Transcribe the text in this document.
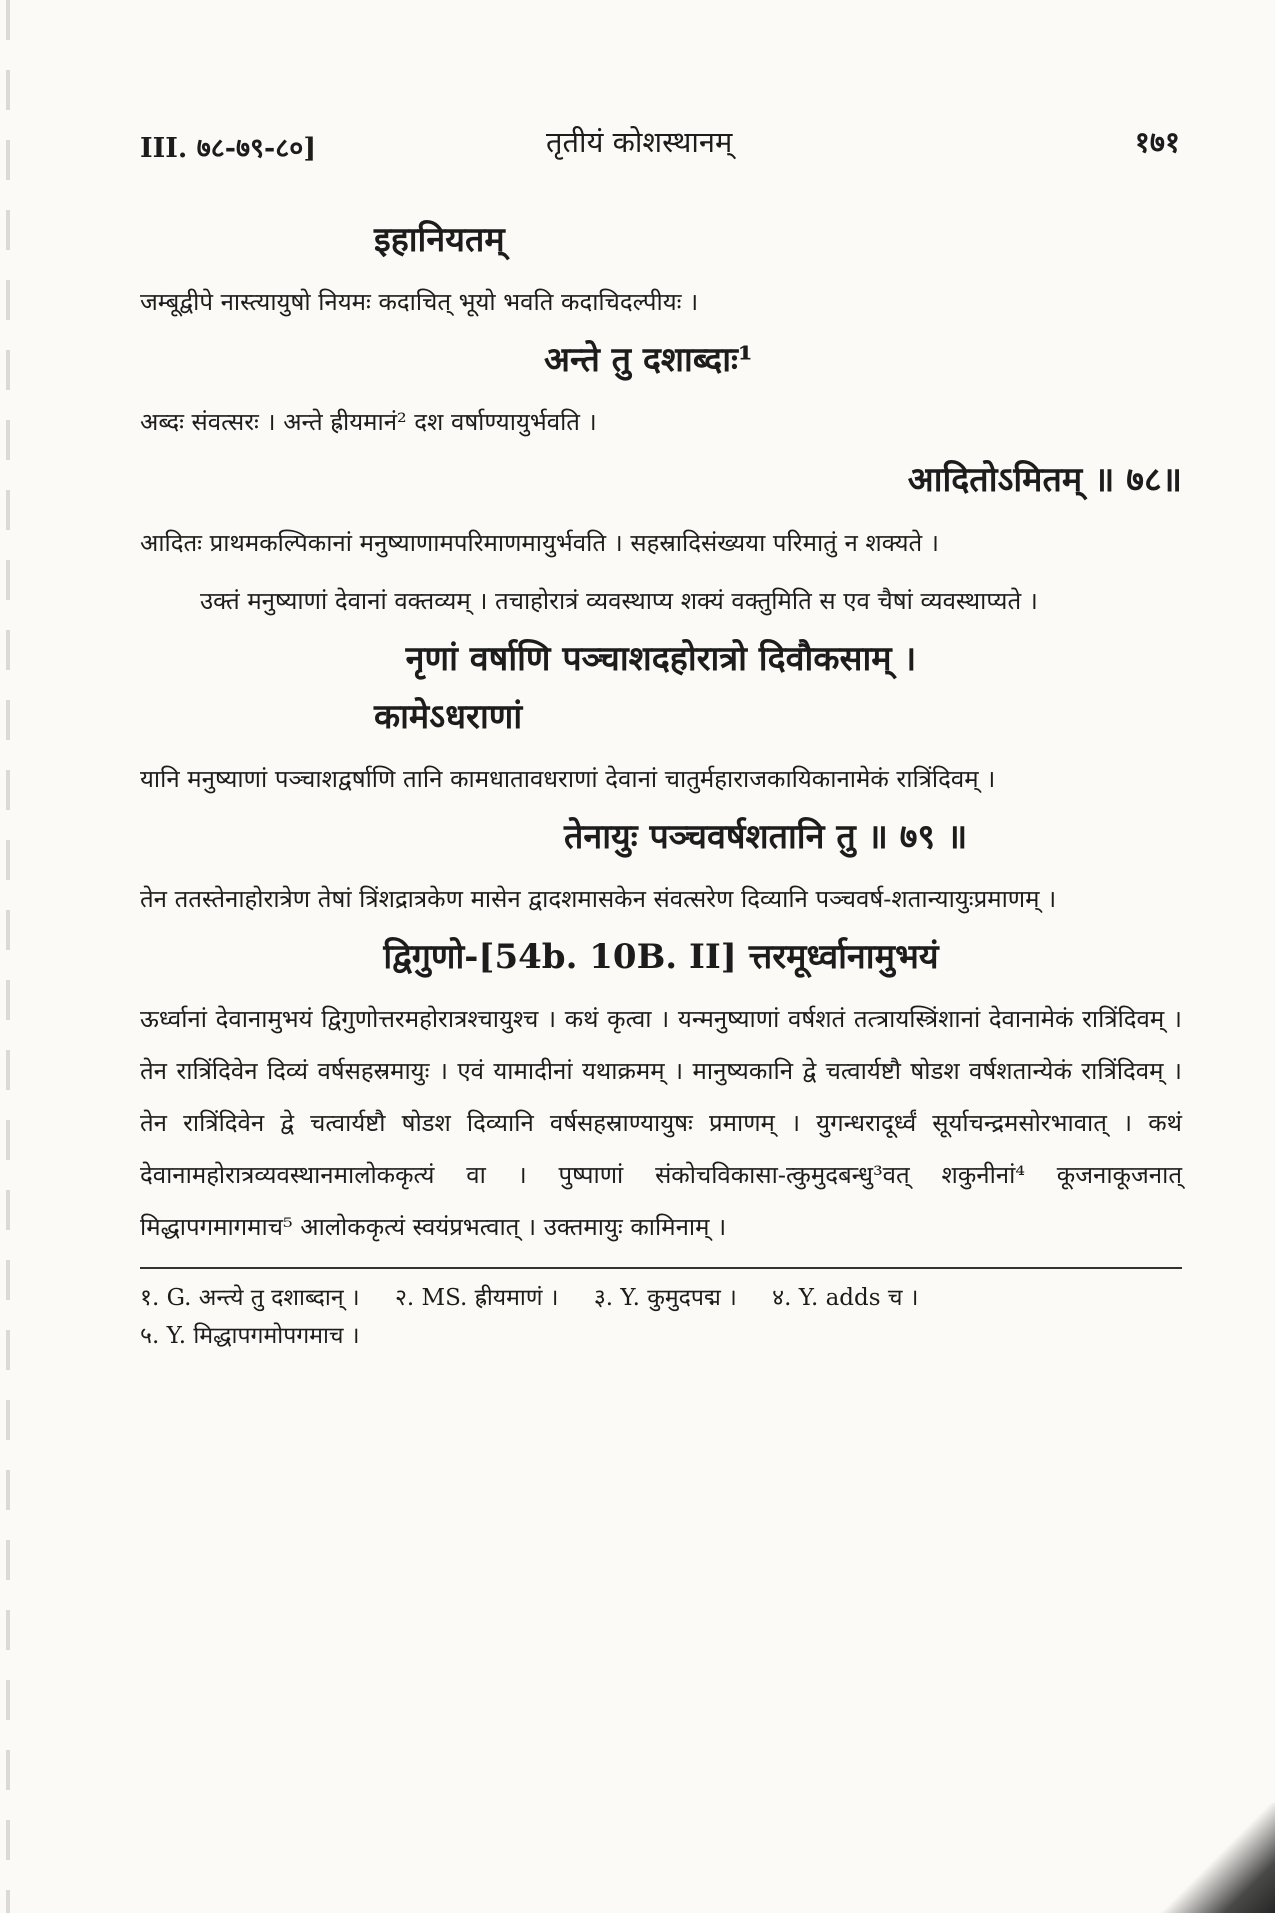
III. ७८-७९-८०]	तृतीयं कोशस्थानम्	१७१
इहानियतम्
जम्बूद्वीपे नास्त्यायुषो नियमः कदाचित् भूयो भवति कदाचिदल्पीयः ।
अन्ते तु दशाब्दाः¹
अब्दः संवत्सरः । अन्ते ह्रीयमानं² दश वर्षाण्यायुर्भवति ।
आदितोऽमितम् ॥ ७८॥
आदितः प्राथमकल्पिकानां मनुष्याणामपरिमाणमायुर्भवति । सहस्रादिसंख्यया परिमातुं न शक्यते ।
उक्तं मनुष्याणां देवानां वक्तव्यम् । तचाहोरात्रं व्यवस्थाप्य शक्यं वक्तुमिति स एव चैषां व्यवस्थाप्यते ।
नृणां वर्षाणि पञ्चाशदहोरात्रो दिवौकसाम् ।
कामेऽधराणां
यानि मनुष्याणां पञ्चाशद्वर्षाणि तानि कामधातावधराणां देवानां चातुर्महाराजकायिकानामेकं रात्रिंदिवम् ।
तेनायुः पञ्चवर्षशतानि तु ॥ ७९ ॥
तेन ततस्तेनाहोरात्रेण तेषां त्रिंशद्रात्रकेण मासेन द्वादशमासकेन संवत्सरेण दिव्यानि पञ्चवर्ष-शतान्यायुःप्रमाणम् ।
द्विगुणो-[54b. 10B. II] त्तरमूर्ध्वानामुभयं
ऊर्ध्वानां देवानामुभयं द्विगुणोत्तरमहोरात्रश्चायुश्च । कथं कृत्वा । यन्मनुष्याणां वर्षशतं तत्त्रायस्त्रिंशानां देवानामेकं रात्रिंदिवम् । तेन रात्रिंदिवेन दिव्यं वर्षसहस्रमायुः । एवं यामादीनां यथाक्रमम् । मानुष्यकानि द्वे चत्वार्यष्टौ षोडश वर्षशतान्येकं रात्रिंदिवम् । तेन रात्रिंदिवेन द्वे चत्वार्यष्टौ षोडश दिव्यानि वर्षसहस्राण्यायुषः प्रमाणम् । युगन्धरादूर्ध्वं सूर्याचन्द्रमसोरभावात् । कथं देवानामहोरात्रव्यवस्थानमालोककृत्यं वा । पुष्पाणां संकोचविकासा-त्कुमुदबन्धु³वत् शकुनीनां⁴ कूजनाकूजनात् मिद्धापगमागमाच⁵ आलोककृत्यं स्वयंप्रभत्वात् । उक्तमायुः कामिनाम् ।
१. G. अन्त्ये तु दशाब्दान् । २. MS. ह्रीयमाणं । ३. Y. कुमुदपद्म । ४. Y. adds च ।
५. Y. मिद्धापगमोपगमाच ।
